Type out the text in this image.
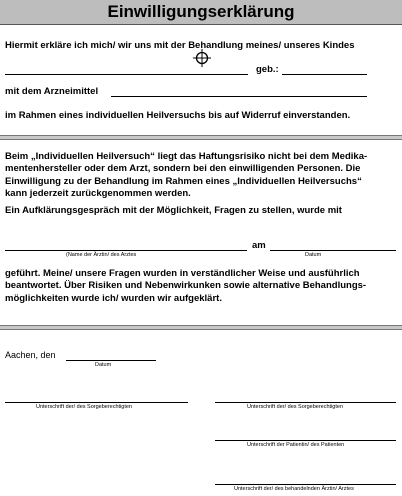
Einwilligungserklärung
Hiermit erkläre ich mich/ wir uns mit der Behandlung meines/ unseres Kindes
geb.:
mit dem Arzneimittel
im Rahmen eines individuellen Heilversuchs bis auf Widerruf einverstanden.
Beim „Individuellen Heilversuch“ liegt das Haftungsrisiko nicht bei dem Medika-
mentenhersteller oder dem Arzt, sondern bei den einwilligenden Personen. Die
Einwilligung zu der Behandlung im Rahmen eines „Individuellen Heilversuchs“
kann jederzeit zurückgenommen werden.
Ein Aufklärungsgespräch mit der Möglichkeit, Fragen zu stellen, wurde mit
am
(Name der Ärztin/ des Arztes	Datum
geführt. Meine/ unsere Fragen wurden in verständlicher Weise und ausführlich
beantwortet. Über Risiken und Nebenwirkunken sowie alternative Behandlungs-
möglichkeiten wurde ich/ wurden wir aufgeklärt.
Aachen, den
Datum
Unterschrift der/ des Sorgeberechtigten	Unterschrift der/ des Sorgeberechtigten
Unterschrift der Patientin/ des Patienten
Unterschrift der/ des behandelnden Ärztin/ Arztes
